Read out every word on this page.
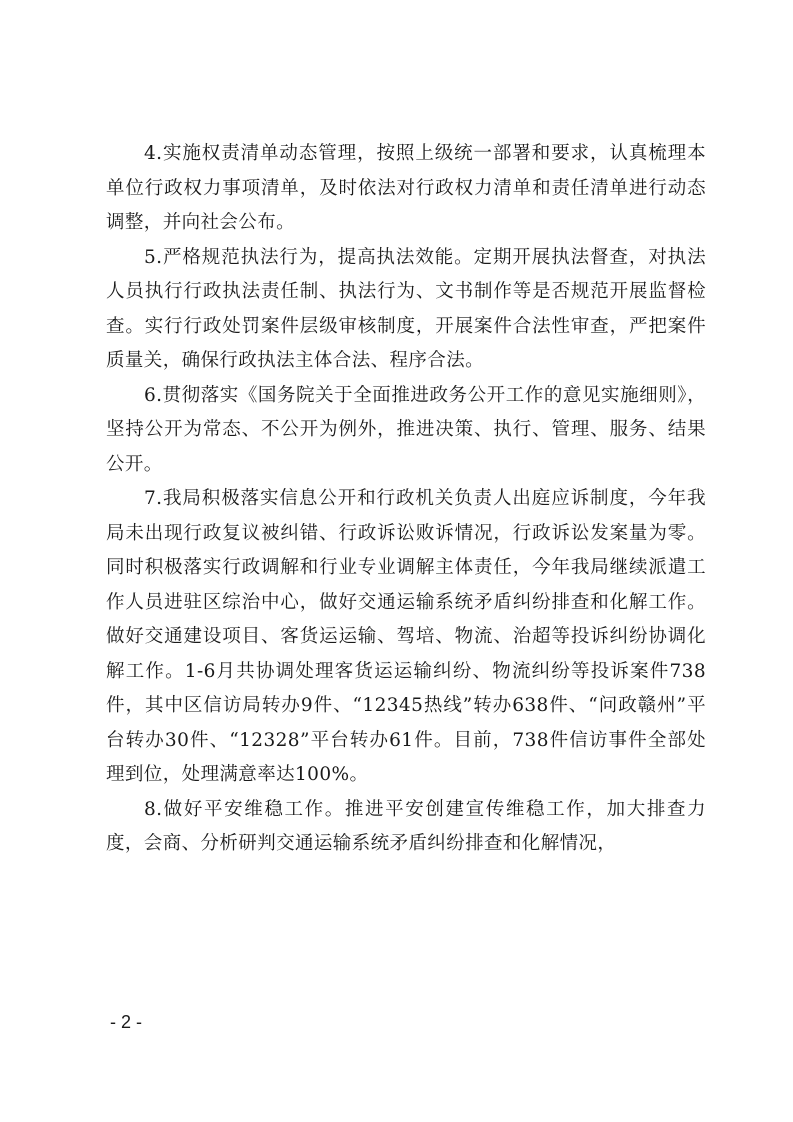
4.实施权责清单动态管理，按照上级统一部署和要求，认真梳理本单位行政权力事项清单，及时依法对行政权力清单和责任清单进行动态调整，并向社会公布。

5.严格规范执法行为，提高执法效能。定期开展执法督查，对执法人员执行行政执法责任制、执法行为、文书制作等是否规范开展监督检查。实行行政处罚案件层级审核制度，开展案件合法性审查，严把案件质量关，确保行政执法主体合法、程序合法。

6.贯彻落实《国务院关于全面推进政务公开工作的意见实施细则》，坚持公开为常态、不公开为例外，推进决策、执行、管理、服务、结果公开。

7.我局积极落实信息公开和行政机关负责人出庭应诉制度，今年我局未出现行政复议被纠错、行政诉讼败诉情况，行政诉讼发案量为零。同时积极落实行政调解和行业专业调解主体责任，今年我局继续派遣工作人员进驻区综治中心，做好交通运输系统矛盾纠纷排查和化解工作。做好交通建设项目、客货运运输、驾培、物流、治超等投诉纠纷协调化解工作。1-6月共协调处理客货运运输纠纷、物流纠纷等投诉案件738件，其中区信访局转办9件、“12345热线”转办638件、“问政赣州”平台转办30件、“12328”平台转办61件。目前，738件信访事件全部处理到位，处理满意率达100%。

8.做好平安维稳工作。推进平安创建宣传维稳工作，加大排查力度，会商、分析研判交通运输系统矛盾纠纷排查和化解情况，

- 2 -
